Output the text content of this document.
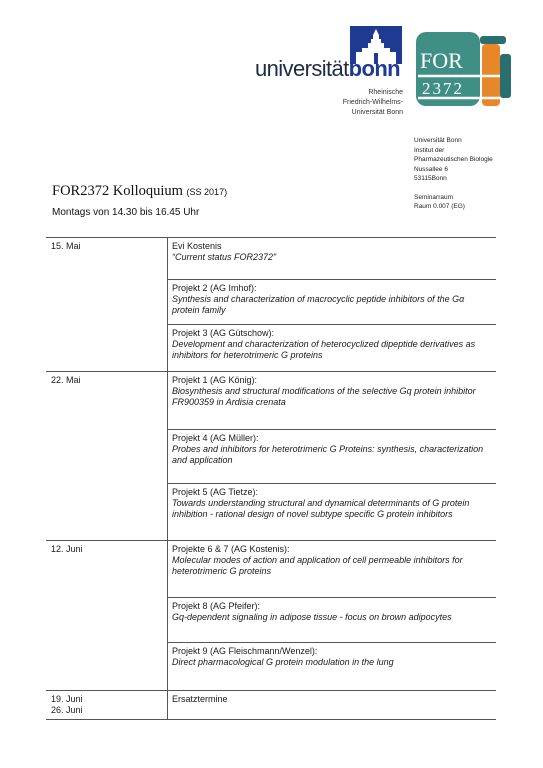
universitätbonn
Rheinische
Friedrich-Wilhelms-
Universität Bonn
FOR
2372
Universität Bonn
Institut der
Pharmazeutischen Biologie
Nussallee 6
53115Bonn
Seminarraum
Raum 0.007 (EG)
FOR2372 Kolloquium (SS 2017)
Montags von 14.30 bis 16.45 Uhr
15. Mai	Evi Kostenis
“Current status FOR2372”

	Projekt 2 (AG Imhof):
Synthesis and characterization of macrocyclic peptide inhibitors of the Gα protein family

	Projekt 3 (AG Gütschow):
Development and characterization of heterocyclized dipeptide derivatives as inhibitors for heterotrimeric G proteins

22. Mai	Projekt 1 (AG König):
Biosynthesis and structural modifications of the selective Gq protein inhibitor FR900359 in Ardisia crenata

	Projekt 4 (AG Müller):
Probes and inhibitors for heterotrimeric G Proteins: synthesis, characterization and application

	Projekt 5 (AG Tietze):
Towards understanding structural and dynamical determinants of G protein inhibition - rational design of novel subtype specific G protein inhibitors

12. Juni	Projekte 6 & 7 (AG Kostenis):
Molecular modes of action and application of cell permeable inhibitors for heterotrimeric G proteins

	Projekt 8 (AG Pfeifer):
Gq-dependent signaling in adipose tissue - focus on brown adipocytes

	Projekt 9 (AG Fleischmann/Wenzel):
Direct pharmacological G protein modulation in the lung

19. Juni
26. Juni	Ersatztermine
